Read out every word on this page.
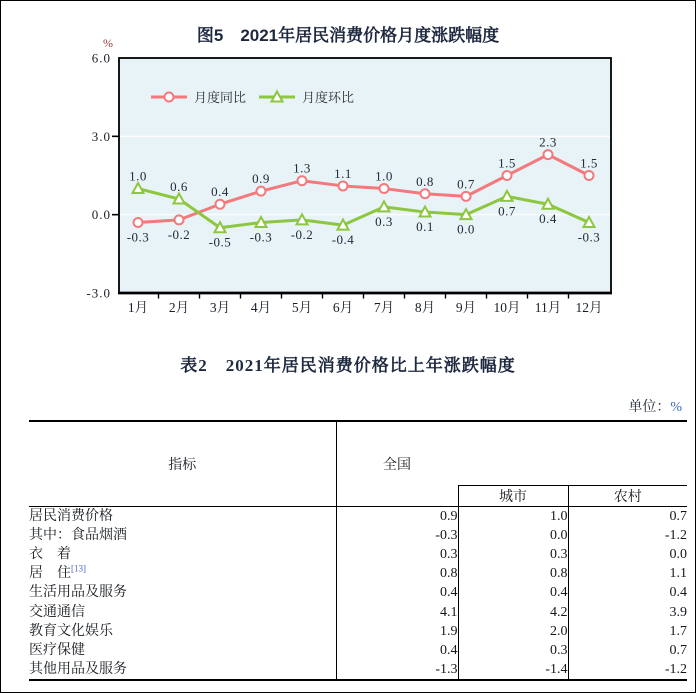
图5　2021年居民消费价格月度涨跌幅度
6.0
3.0
0.0
-3.0
%
1月 2月 3月 4月 5月 6月 7月 8月 9月 10月 11月 12月
-0.3 -0.2
0.4
0.9
1.3 1.1 1.0 0.8 0.7
1.5
2.3
1.5
1.0
0.6
-0.5 -0.3 -0.2 -0.4
0.3 0.1 0.0
0.7
0.4
-0.3
月度同比	月度环比
表2　2021年居民消费价格比上年涨跌幅度
单位：%
指标	全国		
		城市	农村
居民消费价格	0.9	1.0	0.7
其中：食品烟酒	-0.3	0.0	-1.2
衣　着	0.3	0.3	0.0
居　住[13]	0.8	0.8	1.1
生活用品及服务	0.4	0.4	0.4
交通通信	4.1	4.2	3.9
教育文化娱乐	1.9	2.0	1.7
医疗保健	0.4	0.3	0.7
其他用品及服务	-1.3	-1.4	-1.2
